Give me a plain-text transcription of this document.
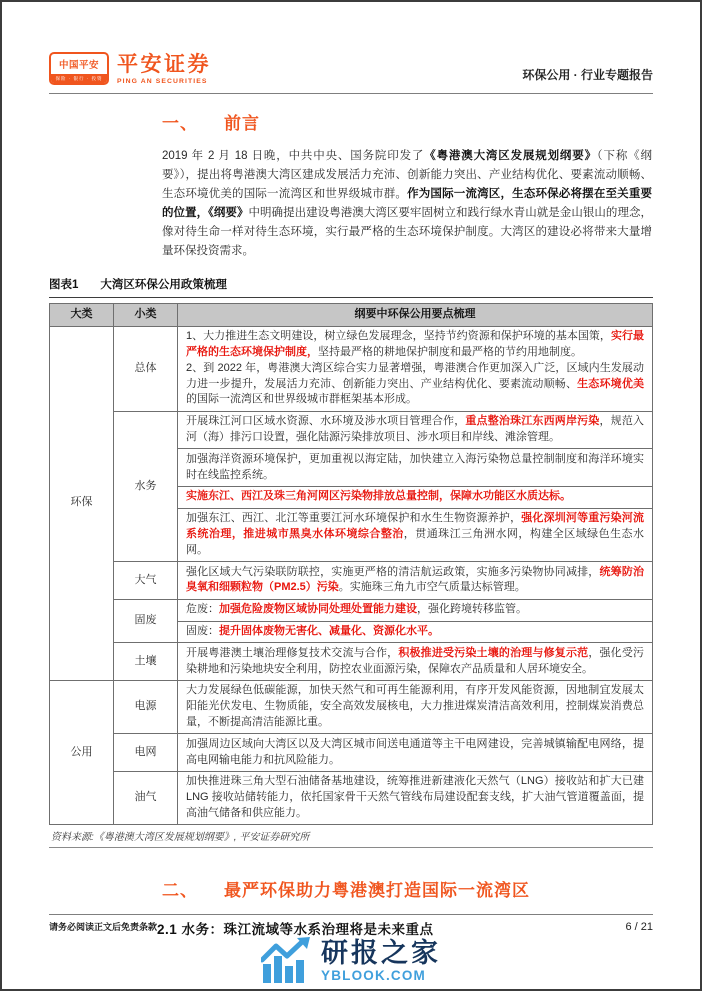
中国平安
保险 · 银行 · 投资
平安证券
PING AN SECURITIES	环保公用 · 行业专题报告
一、 前言

2019 年 2 月 18 日晚，中共中央、国务院印发了《粤港澳大湾区发展规划纲要》（下称《纲要》），提出将粤港澳大湾区建成发展活力充沛、创新能力突出、产业结构优化、要素流动顺畅、生态环境优美的国际一流湾区和世界级城市群。作为国际一流湾区，生态环保必将摆在至关重要的位置，《纲要》中明确提出建设粤港澳大湾区要牢固树立和践行绿水青山就是金山银山的理念，像对待生命一样对待生态环境，实行最严格的生态环境保护制度。大湾区的建设必将带来大量增量环保投资需求。

图表1 大湾区环保公用政策梳理
大类	小类	纲要中环保公用要点梳理
环保	总体	1、大力推进生态文明建设，树立绿色发展理念，坚持节约资源和保护环境的基本国策，实行最严格的生态环境保护制度，坚持最严格的耕地保护制度和最严格的节约用地制度。
2、到 2022 年，粤港澳大湾区综合实力显著增强，粤港澳合作更加深入广泛，区域内生发展动力进一步提升，发展活力充沛、创新能力突出、产业结构优化、要素流动顺畅、生态环境优美的国际一流湾区和世界级城市群框架基本形成。
	水务	开展珠江河口区域水资源、水环境及涉水项目管理合作，重点整治珠江东西两岸污染，规范入河（海）排污口设置，强化陆源污染排放项目、涉水项目和岸线、滩涂管理。
		加强海洋资源环境保护，更加重视以海定陆，加快建立入海污染物总量控制制度和海洋环境实时在线监控系统。
		实施东江、西江及珠三角河网区污染物排放总量控制，保障水功能区水质达标。
		加强东江、西江、北江等重要江河水环境保护和水生生物资源养护，强化深圳河等重污染河流系统治理，推进城市黑臭水体环境综合整治，贯通珠江三角洲水网，构建全区域绿色生态水网。
	大气	强化区域大气污染联防联控，实施更严格的清洁航运政策，实施多污染物协同减排，统筹防治臭氧和细颗粒物（PM2.5）污染。实施珠三角九市空气质量达标管理。
	固废	危废：加强危险废物区域协同处理处置能力建设，强化跨境转移监管。
		固废：提升固体废物无害化、减量化、资源化水平。
	土壤	开展粤港澳土壤治理修复技术交流与合作，积极推进受污染土壤的治理与修复示范，强化受污染耕地和污染地块安全利用，防控农业面源污染，保障农产品质量和人居环境安全。
公用	电源	大力发展绿色低碳能源，加快天然气和可再生能源利用，有序开发风能资源，因地制宜发展太阳能光伏发电、生物质能，安全高效发展核电，大力推进煤炭清洁高效利用，控制煤炭消费总量，不断提高清洁能源比重。
	电网	加强周边区域向大湾区以及大湾区城市间送电通道等主干电网建设，完善城镇输配电网络，提高电网输电能力和抗风险能力。
	油气	加快推进珠三角大型石油储备基地建设，统筹推进新建液化天然气（LNG）接收站和扩大已建 LNG 接收站储转能力，依托国家骨干天然气管线布局建设配套支线，扩大油气管道覆盖面，提高油气储备和供应能力。
资料来源:《粤港澳大湾区发展规划纲要》, 平安证券研究所
二、 最严环保助力粤港澳打造国际一流湾区
2.1 水务：珠江流域等水系治理将是未来重点
请务必阅读正文后免责条款	6 / 21
研报之家
YBLOOK.COM
